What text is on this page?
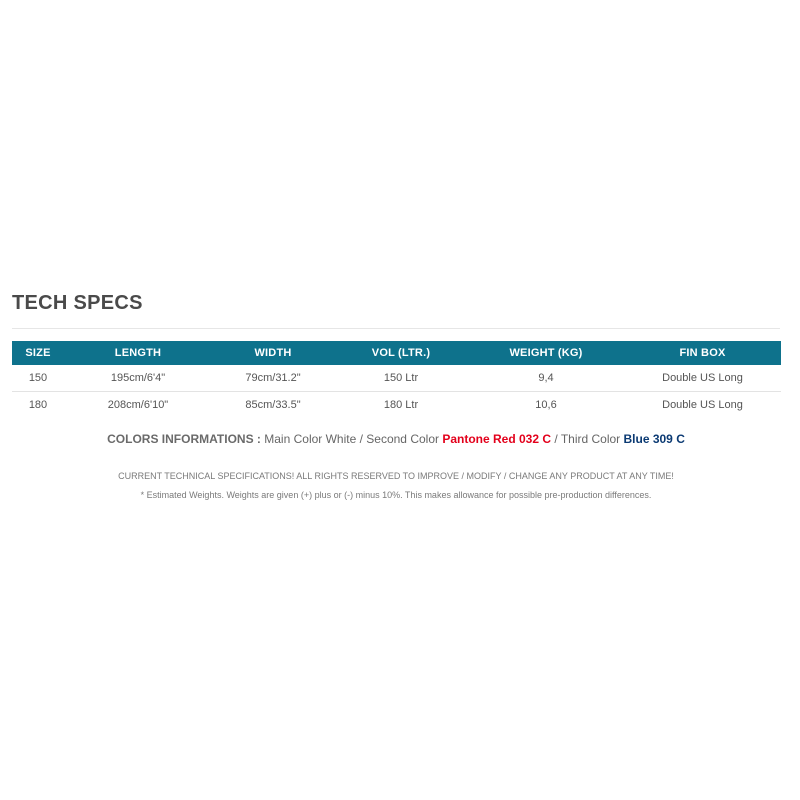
TECH SPECS
SIZE	LENGTH	WIDTH	VOL (LTR.)	WEIGHT (KG)	FIN BOX
150	195cm/6'4"	79cm/31.2"	150 Ltr	9,4	Double US Long
180	208cm/6'10"	85cm/33.5"	180 Ltr	10,6	Double US Long
COLORS INFORMATIONS : Main Color White / Second Color Pantone Red 032 C / Third Color Blue 309 C
CURRENT TECHNICAL SPECIFICATIONS! ALL RIGHTS RESERVED TO IMPROVE / MODIFY / CHANGE ANY PRODUCT AT ANY TIME!
* Estimated Weights. Weights are given (+) plus or (-) minus 10%. This makes allowance for possible pre-production differences.
